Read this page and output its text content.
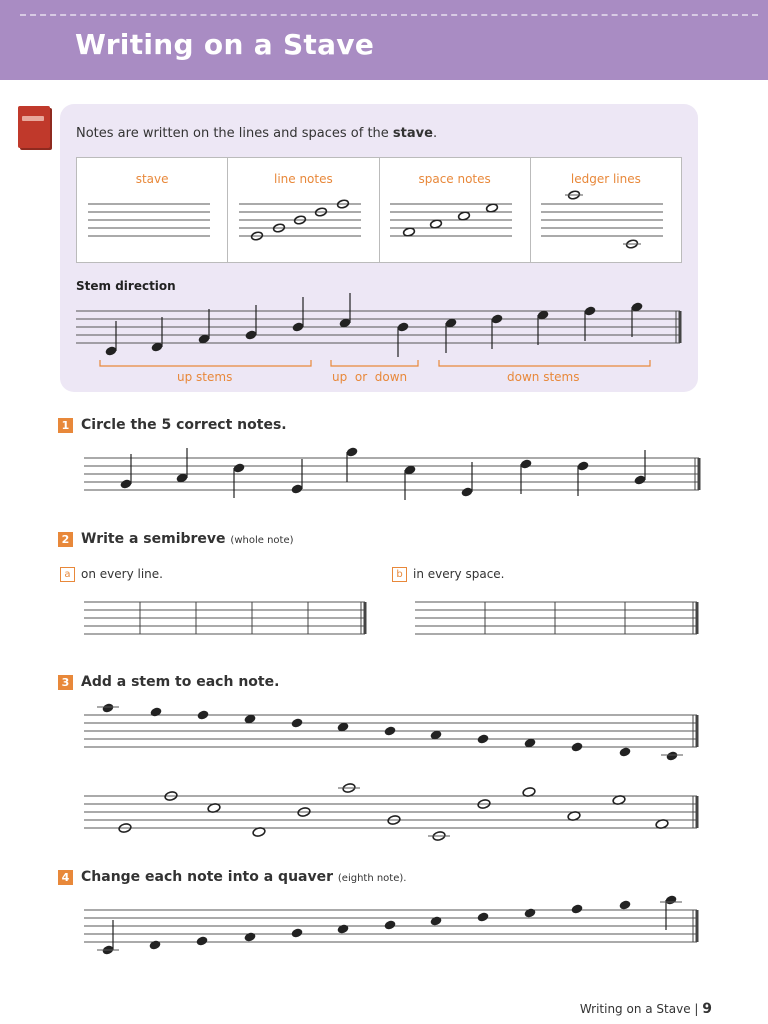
Writing on a Stave
Notes are written on the lines and spaces of the stave.
stave	line notes	space notes	ledger lines
Stem direction
up stems	up  or  down	down stems
1 Circle the 5 correct notes.
2 Write a semibreve (whole note)
a on every line.	b in every space.
3 Add a stem to each note.
4 Change each note into a quaver (eighth note).
Writing on a Stave | 9
